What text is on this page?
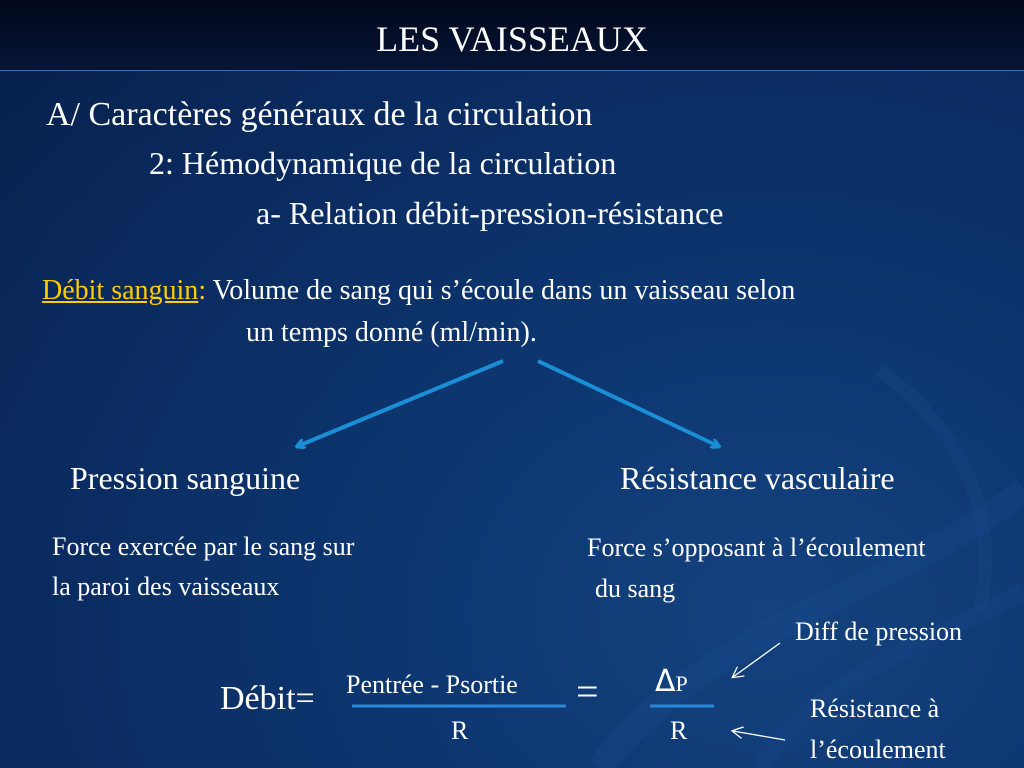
LES VAISSEAUX
A/ Caractères généraux de la circulation
2: Hémodynamique de la circulation
a- Relation débit-pression-résistance
Débit sanguin: Volume de sang qui s’écoule dans un vaisseau selon
un temps donné (ml/min).
Pression sanguine	Résistance vasculaire
Force exercée par le sang sur
la paroi des vaisseaux
Force s’opposant à l’écoulement
du sang
Diff de pression
Débit= Pentrée - Psortie
R
= ΔP
R
Résistance à
l’écoulement
